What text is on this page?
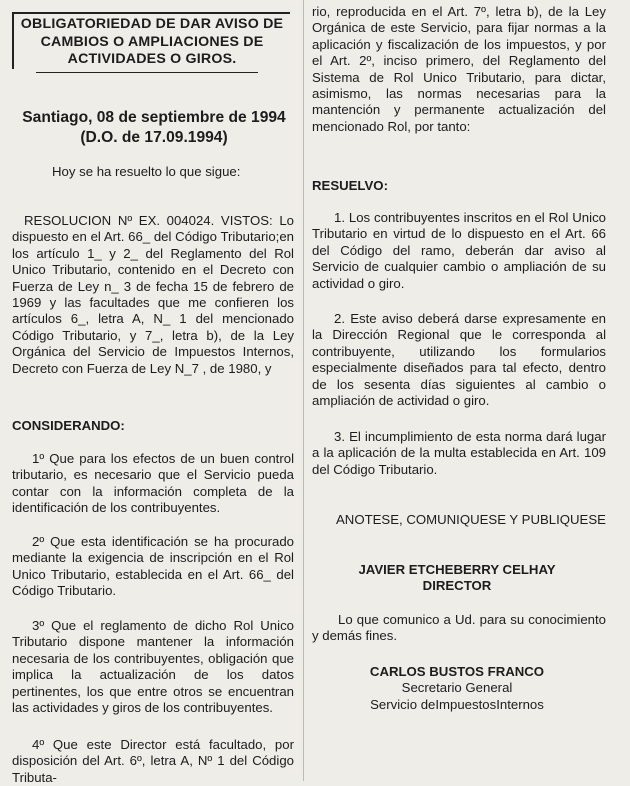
OBLIGATORIEDAD DE DAR AVISO DE
CAMBIOS O AMPLIACIONES DE
ACTIVIDADES O GIROS.
Santiago, 08 de septiembre de 1994
(D.O. de 17.09.1994)
Hoy se ha resuelto lo que sigue:
RESOLUCION Nº EX. 004024. VISTOS: Lo dispuesto en el Art. 66_ del Código Tributario;en los artículo 1_ y 2_ del Reglamento del Rol Unico Tributario, contenido en el Decreto con Fuerza de Ley n_ 3 de fecha 15 de febrero de 1969 y las facultades que me confieren los artículos 6_, letra A, N_ 1 del mencionado Código Tributario, y 7_, letra b), de la Ley Orgánica del Servicio de Impuestos Internos, Decreto con Fuerza de Ley N_7 , de 1980, y
CONSIDERANDO:
1º Que para los efectos de un buen control tributario, es necesario que el Servicio pueda contar con la información completa de la identificación de los contribuyentes.
2º Que esta identificación se ha procurado mediante la exigencia de inscripción en el Rol Unico Tributario, establecida en el Art. 66_ del Código Tributario.
3º Que el reglamento de dicho Rol Unico Tributario dispone mantener la información necesaria de los contribuyentes, obligación que implica la actualización de los datos pertinentes, los que entre otros se encuentran las actividades y giros de los contribuyentes.
4º Que este Director está facultado, por disposición del Art. 6º, letra A, Nº 1 del Código Tributa-
rio, reproducida en el Art. 7º, letra b), de la Ley Orgánica de este Servicio, para fijar normas a la aplicación y fiscalización de los impuestos, y por el Art. 2º, inciso primero, del Reglamento del Sistema de Rol Unico Tributario, para dictar, asimismo, las normas necesarias para la mantención y permanente actualización del mencionado Rol, por tanto:
RESUELVO:
1. Los contribuyentes inscritos en el Rol Unico Tributario en virtud de lo dispuesto en el Art. 66 del Código del ramo, deberán dar aviso al Servicio de cualquier cambio o ampliación de su actividad o giro.
2. Este aviso deberá darse expresamente en la Dirección Regional que le corresponda al contribuyente, utilizando los formularios especialmente diseñados para tal efecto, dentro de los sesenta días siguientes al cambio o ampliación de actividad o giro.
3. El incumplimiento de esta norma dará lugar a la aplicación de la multa establecida en Art. 109 del Código Tributario.
ANOTESE, COMUNIQUESE Y PUBLIQUESE
JAVIER ETCHEBERRY CELHAY
DIRECTOR
Lo que comunico a Ud. para su conocimiento y demás fines.
CARLOS BUSTOS FRANCO
Secretario General
Servicio deImpuestosInternos
